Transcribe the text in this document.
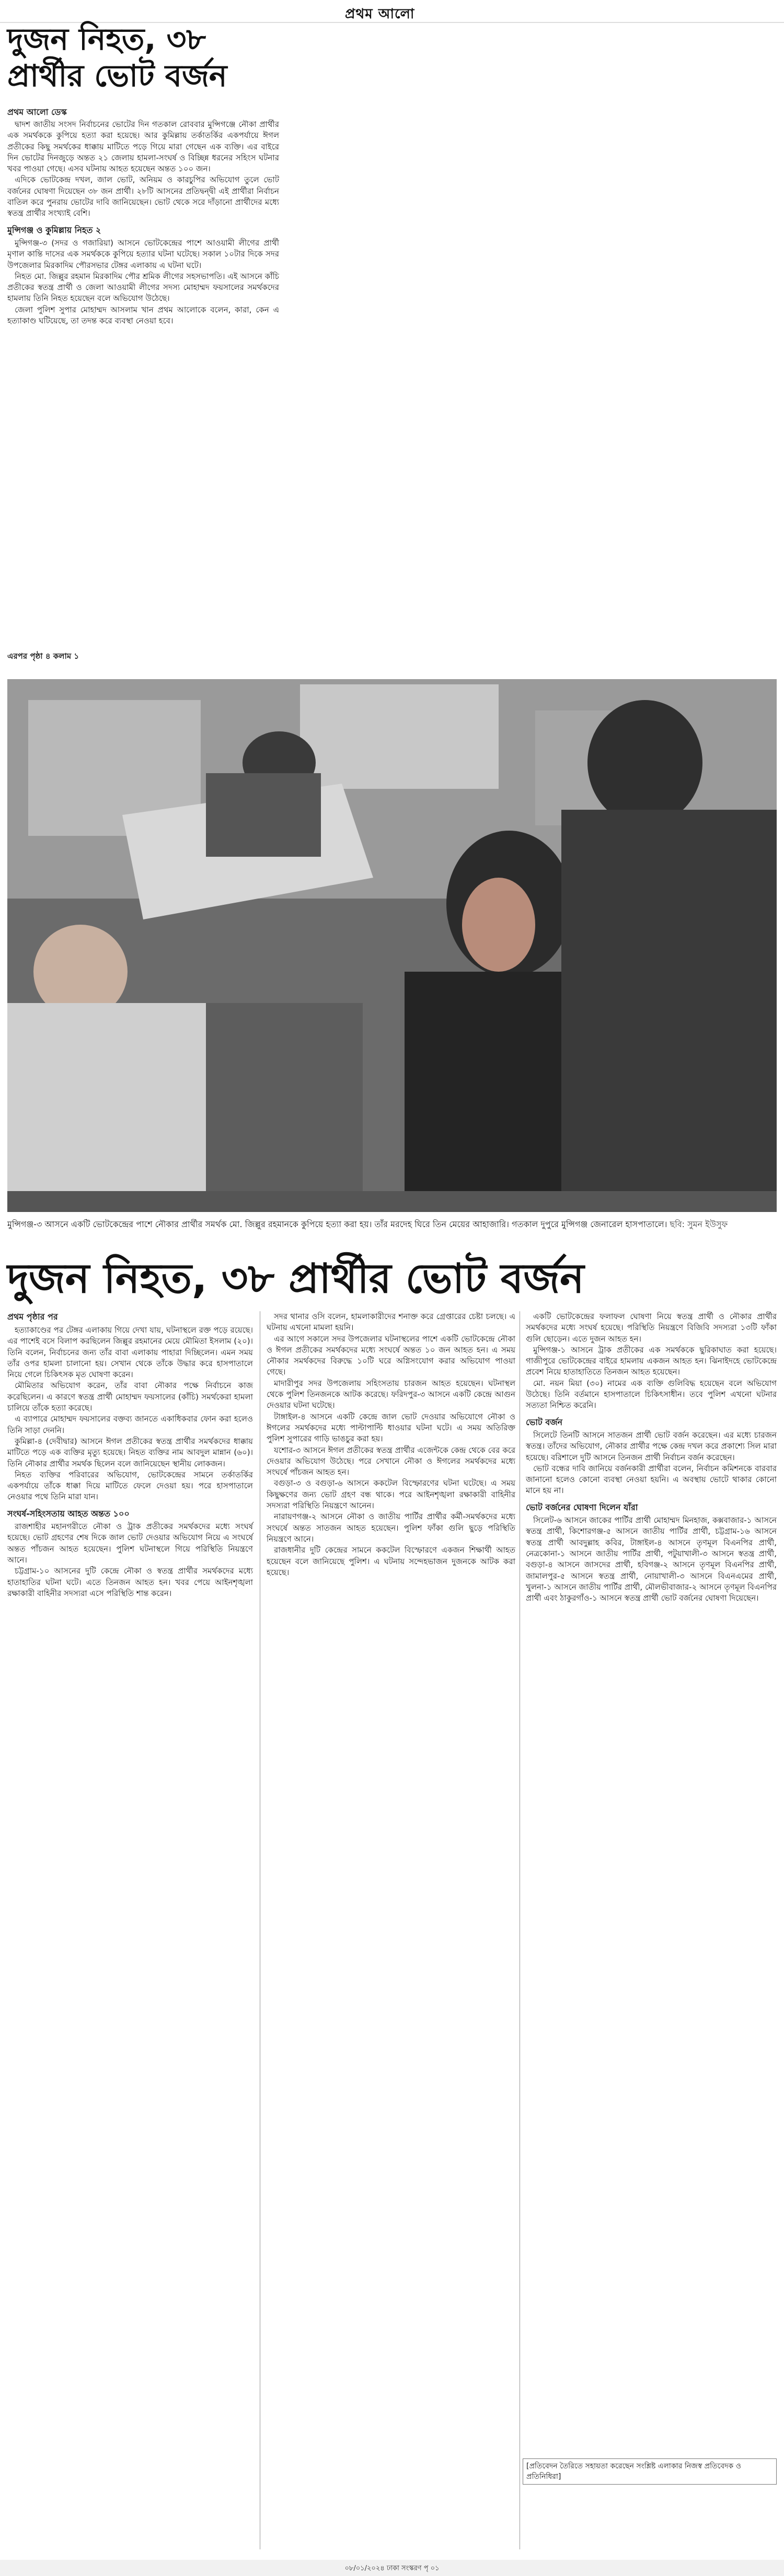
প্রথম আলো
দুজন নিহত, ৩৮ প্রার্থীর ভোট বর্জন
প্রথম আলো ডেস্ক

দ্বাদশ জাতীয় সংসদ নির্বাচনের ভোটের দিন গতকাল রোববার মুন্সিগঞ্জে নৌকা প্রার্থীর এক সমর্থককে কুপিয়ে হত্যা করা হয়েছে। আর কুমিল্লায় তর্কাতর্কির একপর্যায়ে ঈগল প্রতীকের কিছু সমর্থকের ধাক্কায় মাটিতে পড়ে গিয়ে মারা গেছেন এক ব্যক্তি। এর বাইরে দিন ভোটের দিনজুড়ে অন্তত ২১ জেলায় হামলা-সংঘর্ষ ও বিচ্ছিন্ন ধরনের সহিংস ঘটনার খবর পাওয়া গেছে। এসব ঘটনায় আহত হয়েছেন অন্তত ১০০ জন।

এদিকে ভোটকেন্দ্র দখল, জাল ভোট, অনিয়ম ও কারচুপির অভিযোগ তুলে ভোট বর্জনের ঘোষণা দিয়েছেন ৩৮ জন প্রার্থী। ২৮টি আসনের প্রতিদ্বন্দ্বী এই প্রার্থীরা নির্বাচন বাতিল করে পুনরায় ভোটের দাবি জানিয়েছেন। ভোট থেকে সরে দাঁড়ানো প্রার্থীদের মধ্যে স্বতন্ত্র প্রার্থীর সংখ্যাই বেশি।

মুন্সিগঞ্জ ও কুমিল্লায় নিহত ২

মুন্সিগঞ্জ-৩ (সদর ও গজারিয়া) আসনে ভোটকেন্দ্রের পাশে আওয়ামী লীগের প্রার্থী মৃণাল কান্তি দাসের এক সমর্থককে কুপিয়ে হত্যার ঘটনা ঘটেছে। সকাল ১০টার দিকে সদর উপজেলার মিরকাদিম পৌরসভার টেঙ্গর এলাকায় এ ঘটনা ঘটে।

নিহত মো. জিল্লুর রহমান মিরকাদিম পৌর শ্রমিক লীগের সহসভাপতি। এই আসনে কাঁচি প্রতীকের স্বতন্ত্র প্রার্থী ও জেলা আওয়ামী লীগের সদস্য মোহাম্মদ ফয়সালের সমর্থকদের হামলায় তিনি নিহত হয়েছেন বলে অভিযোগ উঠেছে।

জেলা পুলিশ সুপার মোহাম্মদ আসলাম খান প্রথম আলোকে বলেন, কারা, কেন এ হত্যাকাণ্ড ঘটিয়েছে, তা তদন্ত করে ব্যবস্থা নেওয়া হবে।

এরপর পৃষ্ঠা ৪ কলাম ১
মুন্সিগঞ্জ-৩ আসনে একটি ভোটকেন্দ্রের পাশে নৌকার প্রার্থীর সমর্থক মো. জিল্লুর রহমানকে কুপিয়ে হত্যা করা হয়। তাঁর মরদেহ ঘিরে তিন মেয়ের আহাজারি। গতকাল দুপুরে মুন্সিগঞ্জ জেনারেল হাসপাতালে। ছবি: সুমন ইউসুফ
দুজন নিহত, ৩৮ প্রার্থীর ভোট বর্জন
প্রথম পৃষ্ঠার পর

হত্যাকাণ্ডের পর টেঙ্গর এলাকায় গিয়ে দেখা যায়, ঘটনাস্থলে রক্ত পড়ে রয়েছে। এর পাশেই বসে বিলাপ করছিলেন জিল্লুর রহমানের মেয়ে মৌমিতা ইসলাম (২০)। তিনি বলেন, নির্বাচনের জন্য তাঁর বাবা এলাকায় পাহারা দিচ্ছিলেন। এমন সময় তাঁর ওপর হামলা চালানো হয়। সেখান থেকে তাঁকে উদ্ধার করে হাসপাতালে নিয়ে গেলে চিকিৎসক মৃত ঘোষণা করেন।

মৌমিতার অভিযোগ করেন, তাঁর বাবা নৌকার পক্ষে নির্বাচনে কাজ করেছিলেন। এ কারণে স্বতন্ত্র প্রার্থী মোহাম্মদ ফয়সালের (কাঁচি) সমর্থকেরা হামলা চালিয়ে তাঁকে হত্যা করেছে।

এ ব্যাপারে মোহাম্মদ ফয়সালের বক্তব্য জানতে একাধিকবার ফোন করা হলেও তিনি সাড়া দেননি।

কুমিল্লা-৪ (দেবীদ্বার) আসনে ঈগল প্রতীকের স্বতন্ত্র প্রার্থীর সমর্থকদের ধাক্কায় মাটিতে পড়ে এক ব্যক্তির মৃত্যু হয়েছে। নিহত ব্যক্তির নাম আবদুল মান্নান (৬০)। তিনি নৌকার প্রার্থীর সমর্থক ছিলেন বলে জানিয়েছেন স্থানীয় লোকজন।

নিহত ব্যক্তির পরিবারের অভিযোগ, ভোটকেন্দ্রের সামনে তর্কাতর্কির একপর্যায়ে তাঁকে ধাক্কা দিয়ে মাটিতে ফেলে দেওয়া হয়। পরে হাসপাতালে নেওয়ার পথে তিনি মারা যান।

সংঘর্ষ-সহিংসতায় আহত অন্তত ১০০

রাজশাহীর মহানগরীতে নৌকা ও ট্রাক প্রতীকের সমর্থকদের মধ্যে সংঘর্ষ হয়েছে। ভোট গ্রহণের শেষ দিকে জাল ভোট দেওয়ার অভিযোগ নিয়ে এ সংঘর্ষে অন্তত পাঁচজন আহত হয়েছেন। পুলিশ ঘটনাস্থলে গিয়ে পরিস্থিতি নিয়ন্ত্রণে আনে।

চট্টগ্রাম-১০ আসনের দুটি কেন্দ্রে নৌকা ও স্বতন্ত্র প্রার্থীর সমর্থকদের মধ্যে হাতাহাতির ঘটনা ঘটে। এতে তিনজন আহত হন। খবর পেয়ে আইনশৃঙ্খলা রক্ষাকারী বাহিনীর সদস্যরা এসে পরিস্থিতি শান্ত করেন।

সদর থানার ওসি বলেন, হামলাকারীদের শনাক্ত করে গ্রেপ্তারের চেষ্টা চলছে। এ ঘটনায় এখনো মামলা হয়নি।

এর আগে সকালে সদর উপজেলার ঘটনাস্থলের পাশে একটি ভোটকেন্দ্রে নৌকা ও ঈগল প্রতীকের সমর্থকদের মধ্যে সংঘর্ষে অন্তত ১০ জন আহত হন। এ সময় নৌকার সমর্থকদের বিরুদ্ধে ১০টি ঘরে অগ্নিসংযোগ করার অভিযোগ পাওয়া গেছে।

মাদারীপুর সদর উপজেলায় সহিংসতায় চারজন আহত হয়েছেন। ঘটনাস্থল থেকে পুলিশ তিনজনকে আটক করেছে। ফরিদপুর-৩ আসনে একটি কেন্দ্রে আগুন দেওয়ার ঘটনা ঘটেছে।

টাঙ্গাইল-৪ আসনে একটি কেন্দ্রে জাল ভোট দেওয়ার অভিযোগে নৌকা ও ঈগলের সমর্থকদের মধ্যে পাল্টাপাল্টি ধাওয়ার ঘটনা ঘটে। এ সময় অতিরিক্ত পুলিশ সুপারের গাড়ি ভাঙচুর করা হয়।

যশোর-৩ আসনে ঈগল প্রতীকের স্বতন্ত্র প্রার্থীর এজেন্টকে কেন্দ্র থেকে বের করে দেওয়ার অভিযোগ উঠেছে। পরে সেখানে নৌকা ও ঈগলের সমর্থকদের মধ্যে সংঘর্ষে পাঁচজন আহত হন।

বগুড়া-৩ ও বগুড়া-৬ আসনে ককটেল বিস্ফোরণের ঘটনা ঘটেছে। এ সময় কিছুক্ষণের জন্য ভোট গ্রহণ বন্ধ থাকে। পরে আইনশৃঙ্খলা রক্ষাকারী বাহিনীর সদস্যরা পরিস্থিতি নিয়ন্ত্রণে আনেন।

নারায়ণগঞ্জ-২ আসনে নৌকা ও জাতীয় পার্টির প্রার্থীর কর্মী-সমর্থকদের মধ্যে সংঘর্ষে অন্তত সাতজন আহত হয়েছেন। পুলিশ ফাঁকা গুলি ছুড়ে পরিস্থিতি নিয়ন্ত্রণে আনে।

রাজধানীর দুটি কেন্দ্রের সামনে ককটেল বিস্ফোরণে একজন শিক্ষার্থী আহত হয়েছেন বলে জানিয়েছে পুলিশ। এ ঘটনায় সন্দেহভাজন দুজনকে আটক করা হয়েছে।

একটি ভোটকেন্দ্রের ফলাফল ঘোষণা নিয়ে স্বতন্ত্র প্রার্থী ও নৌকার প্রার্থীর সমর্থকদের মধ্যে সংঘর্ষ হয়েছে। পরিস্থিতি নিয়ন্ত্রণে বিজিবি সদস্যরা ১৩টি ফাঁকা গুলি ছোড়েন। এতে দুজন আহত হন।

মুন্সিগঞ্জ-১ আসনে ট্রাক প্রতীকের এক সমর্থককে ছুরিকাঘাত করা হয়েছে। গাজীপুরে ভোটকেন্দ্রের বাইরে হামলায় একজন আহত হন। ঝিনাইদহে ভোটকেন্দ্রে প্রবেশ নিয়ে হাতাহাতিতে তিনজন আহত হয়েছেন।

মো. নয়ন মিয়া (৩০) নামের এক ব্যক্তি গুলিবিদ্ধ হয়েছেন বলে অভিযোগ উঠেছে। তিনি বর্তমানে হাসপাতালে চিকিৎসাধীন। তবে পুলিশ এখনো ঘটনার সত্যতা নিশ্চিত করেনি।

ভোট বর্জন

সিলেটে তিনটি আসনে সাতজন প্রার্থী ভোট বর্জন করেছেন। এর মধ্যে চারজন স্বতন্ত্র। তাঁদের অভিযোগ, নৌকার প্রার্থীর পক্ষে কেন্দ্র দখল করে প্রকাশ্যে সিল মারা হয়েছে। বরিশালে দুটি আসনে তিনজন প্রার্থী নির্বাচন বর্জন করেছেন।

ভোট বন্ধের দাবি জানিয়ে বর্জনকারী প্রার্থীরা বলেন, নির্বাচন কমিশনকে বারবার জানানো হলেও কোনো ব্যবস্থা নেওয়া হয়নি। এ অবস্থায় ভোটে থাকার কোনো মানে হয় না।

ভোট বর্জনের ঘোষণা দিলেন যাঁরা

সিলেট-৬ আসনে জাকের পার্টির প্রার্থী মোহাম্মদ মিনহাজ, কক্সবাজার-১ আসনে স্বতন্ত্র প্রার্থী, কিশোরগঞ্জ-৫ আসনে জাতীয় পার্টির প্রার্থী, চট্টগ্রাম-১৬ আসনে স্বতন্ত্র প্রার্থী আবদুল্লাহ কবির, টাঙ্গাইল-৪ আসনে তৃণমূল বিএনপির প্রার্থী, নেত্রকোনা-১ আসনে জাতীয় পার্টির প্রার্থী, পটুয়াখালী-৩ আসনে স্বতন্ত্র প্রার্থী, বগুড়া-৪ আসনে জাসদের প্রার্থী, হবিগঞ্জ-২ আসনে তৃণমূল বিএনপির প্রার্থী, জামালপুর-৫ আসনে স্বতন্ত্র প্রার্থী, নোয়াখালী-৩ আসনে বিএনএমের প্রার্থী, খুলনা-১ আসনে জাতীয় পার্টির প্রার্থী, মৌলভীবাজার-২ আসনে তৃণমূল বিএনপির প্রার্থী এবং ঠাকুরগাঁও-১ আসনে স্বতন্ত্র প্রার্থী ভোট বর্জনের ঘোষণা দিয়েছেন।

[প্রতিবেদন তৈরিতে সহায়তা করেছেন সংশ্লিষ্ট এলাকার নিজস্ব প্রতিবেদক ও প্রতিনিধিরা]
০৮/০১/২০২৪ ঢাকা সংস্করণ পৃ ০১
